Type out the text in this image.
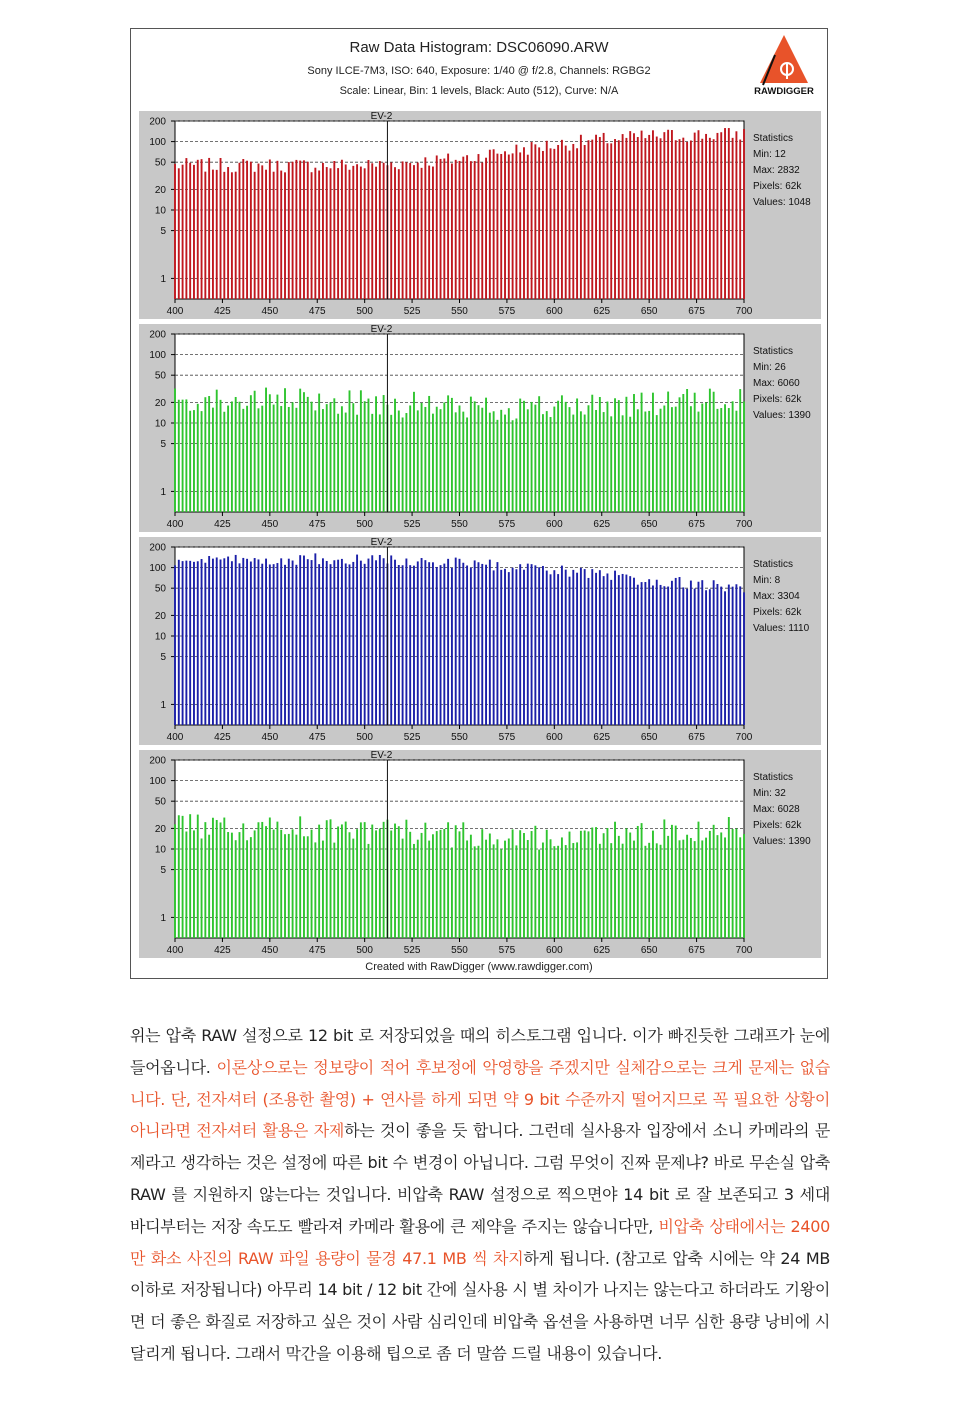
Raw Data Histogram: DSC06090.ARW
Sony ILCE-7M3, ISO: 640, Exposure: 1/40 @ f/2.8, Channels: RGBG2
Scale: Linear, Bin: 1 levels, Black: Auto (512), Curve: N/A	RAWDIGGER
1
5
10
20
50
100
200	EV-2
400	425	450	475	500	525	550	575	600	625	650	675	700
Statistics
Min: 12
Max: 2832
Pixels: 62k
Values: 1048
1
5
10
20
50
100
200	EV-2
400	425	450	475	500	525	550	575	600	625	650	675	700
Statistics
Min: 26
Max: 6060
Pixels: 62k
Values: 1390
1
5
10
20
50
100
200	EV-2
400	425	450	475	500	525	550	575	600	625	650	675	700
Statistics
Min: 8
Max: 3304
Pixels: 62k
Values: 1110
1
5
10
20
50
100
200	EV-2
400	425	450	475	500	525	550	575	600	625	650	675	700
Statistics
Min: 32
Max: 6028
Pixels: 62k
Values: 1390
Created with RawDigger (www.rawdigger.com)
위는 압축 RAW 설정으로 12 bit 로 저장되었을 때의 히스토그램 입니다. 이가 빠진듯한 그래프가 눈에 들어옵니다. 이론상으로는 정보량이 적어 후보정에 악영향을 주겠지만 실체감으로는 크게 문제는 없습니다. 단, 전자셔터 (조용한 촬영) + 연사를 하게 되면 약 9 bit 수준까지 떨어지므로 꼭 필요한 상황이 아니라면 전자셔터 활용은 자제하는 것이 좋을 듯 합니다. 그런데 실사용자 입장에서 소니 카메라의 문제라고 생각하는 것은 설정에 따른 bit 수 변경이 아닙니다. 그럼 무엇이 진짜 문제냐? 바로 무손실 압축 RAW 를 지원하지 않는다는 것입니다. 비압축 RAW 설정으로 찍으면야 14 bit 로 잘 보존되고 3 세대 바디부터는 저장 속도도 빨라져 카메라 활용에 큰 제약을 주지는 않습니다만, 비압축 상태에서는 2400만 화소 사진의 RAW 파일 용량이 물경 47.1 MB 씩 차지하게 됩니다. (참고로 압축 시에는 약 24 MB 이하로 저장됩니다) 아무리 14 bit / 12 bit 간에 실사용 시 별 차이가 나지는 않는다고 하더라도 기왕이면 더 좋은 화질로 저장하고 싶은 것이 사람 심리인데 비압축 옵션을 사용하면 너무 심한 용량 낭비에 시달리게 됩니다. 그래서 막간을 이용해 팁으로 좀 더 말씀 드릴 내용이 있습니다.
